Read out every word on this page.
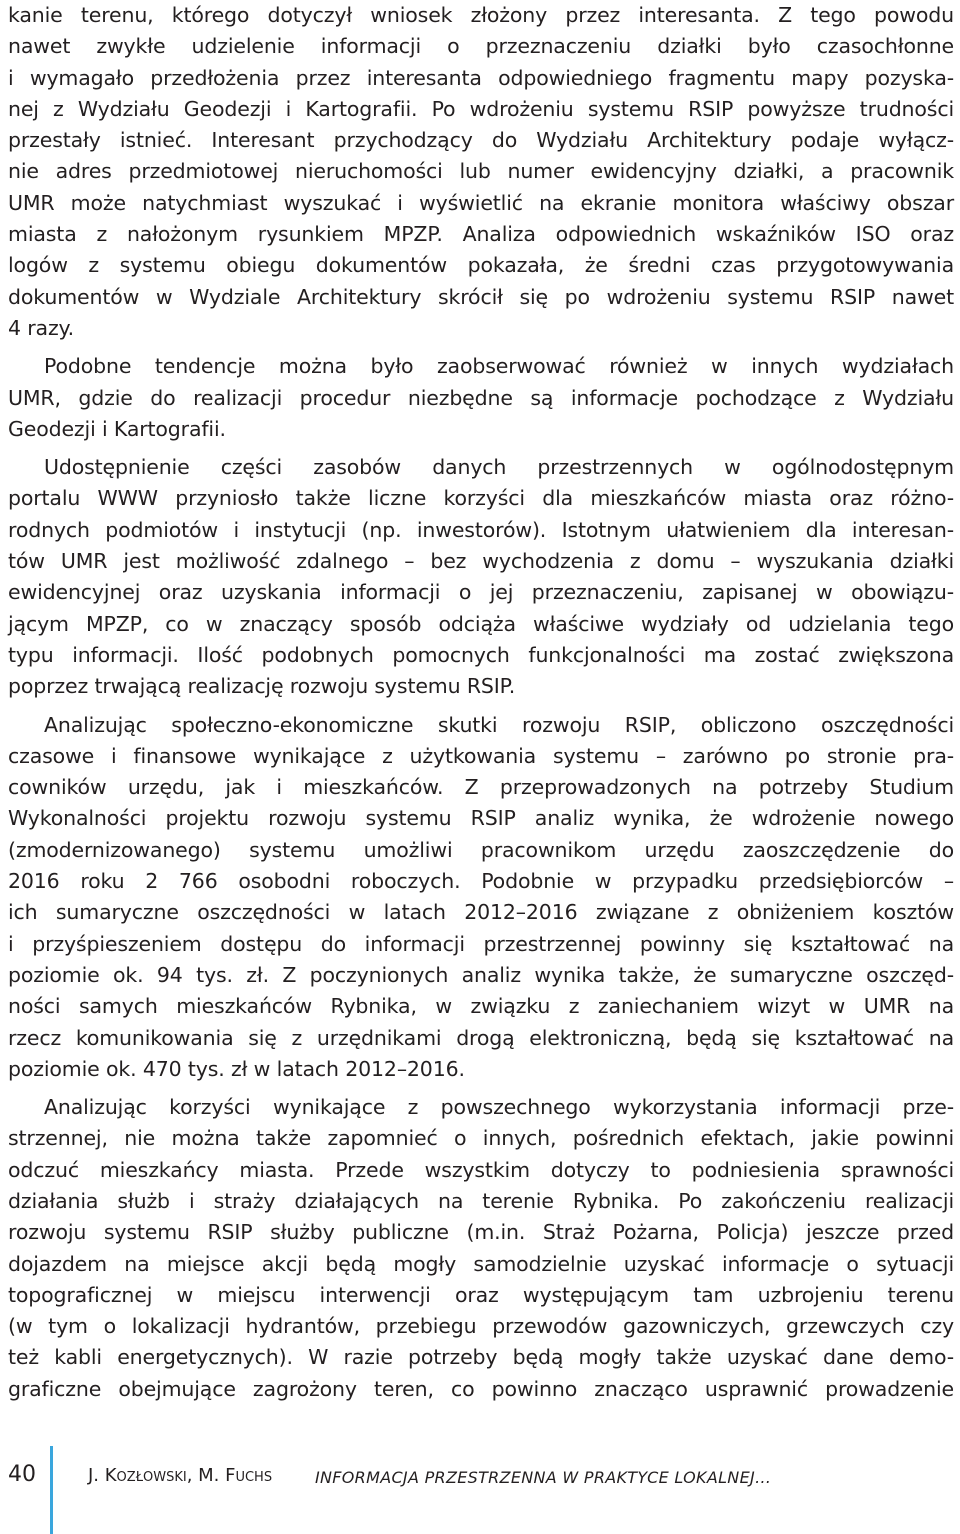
kanie terenu, którego dotyczył wniosek złożony przez interesanta. Z tego powodu
nawet zwykłe udzielenie informacji o przeznaczeniu działki było czasochłonne
i wymagało przedłożenia przez interesanta odpowiedniego fragmentu mapy pozyska-
nej z Wydziału Geodezji i Kartografii. Po wdrożeniu systemu RSIP powyższe trudności
przestały istnieć. Interesant przychodzący do Wydziału Architektury podaje wyłącz-
nie adres przedmiotowej nieruchomości lub numer ewidencyjny działki, a pracownik
UMR może natychmiast wyszukać i wyświetlić na ekranie monitora właściwy obszar
miasta z nałożonym rysunkiem MPZP. Analiza odpowiednich wskaźników ISO oraz
logów z systemu obiegu dokumentów pokazała, że średni czas przygotowywania
dokumentów w Wydziale Architektury skrócił się po wdrożeniu systemu RSIP nawet
4 razy.
Podobne tendencje można było zaobserwować również w innych wydziałach
UMR, gdzie do realizacji procedur niezbędne są informacje pochodzące z Wydziału
Geodezji i Kartografii.
Udostępnienie części zasobów danych przestrzennych w ogólnodostępnym
portalu WWW przyniosło także liczne korzyści dla mieszkańców miasta oraz różno-
rodnych podmiotów i instytucji (np. inwestorów). Istotnym ułatwieniem dla interesan-
tów UMR jest możliwość zdalnego – bez wychodzenia z domu – wyszukania działki
ewidencyjnej oraz uzyskania informacji o jej przeznaczeniu, zapisanej w obowiązu-
jącym MPZP, co w znaczący sposób odciąża właściwe wydziały od udzielania tego
typu informacji. Ilość podobnych pomocnych funkcjonalności ma zostać zwiększona
poprzez trwającą realizację rozwoju systemu RSIP.
Analizując społeczno-ekonomiczne skutki rozwoju RSIP, obliczono oszczędności
czasowe i finansowe wynikające z użytkowania systemu – zarówno po stronie pra-
cowników urzędu, jak i mieszkańców. Z przeprowadzonych na potrzeby Studium
Wykonalności projektu rozwoju systemu RSIP analiz wynika, że wdrożenie nowego
(zmodernizowanego) systemu umożliwi pracownikom urzędu zaoszczędzenie do
2016 roku 2 766 osobodni roboczych. Podobnie w przypadku przedsiębiorców –
ich sumaryczne oszczędności w latach 2012–2016 związane z obniżeniem kosztów
i przyśpieszeniem dostępu do informacji przestrzennej powinny się kształtować na
poziomie ok. 94 tys. zł. Z poczynionych analiz wynika także, że sumaryczne oszczęd-
ności samych mieszkańców Rybnika, w związku z zaniechaniem wizyt w UMR na
rzecz komunikowania się z urzędnikami drogą elektroniczną, będą się kształtować na
poziomie ok. 470 tys. zł w latach 2012–2016.
Analizując korzyści wynikające z powszechnego wykorzystania informacji prze-
strzennej, nie można także zapomnieć o innych, pośrednich efektach, jakie powinni
odczuć mieszkańcy miasta. Przede wszystkim dotyczy to podniesienia sprawności
działania służb i straży działających na terenie Rybnika. Po zakończeniu realizacji
rozwoju systemu RSIP służby publiczne (m.in. Straż Pożarna, Policja) jeszcze przed
dojazdem na miejsce akcji będą mogły samodzielnie uzyskać informacje o sytuacji
topograficznej w miejscu interwencji oraz występującym tam uzbrojeniu terenu
(w tym o lokalizacji hydrantów, przebiegu przewodów gazowniczych, grzewczych czy
też kabli energetycznych). W razie potrzeby będą mogły także uzyskać dane demo-
graficzne obejmujące zagrożony teren, co powinno znacząco usprawnić prowadzenie
40	J. Kozłowski, M. Fuchs	INFORMACJA PRZESTRZENNA W PRAKTYCE LOKALNEJ…
